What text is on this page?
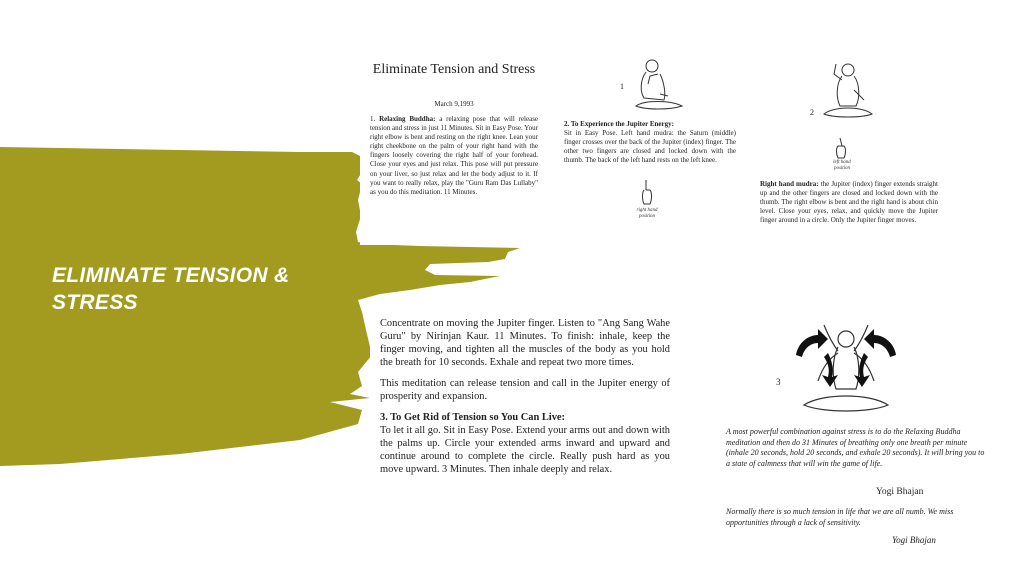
ELIMINATE TENSION & STRESS
Eliminate Tension and Stress
March 9,1993
1. Relaxing Buddha: a relaxing pose that will release tension and stress in just 11 Minutes. Sit in Easy Pose. Your right elbow is bent and resting on the right knee. Lean your right cheekbone on the palm of your right hand with the fingers loosely covering the right half of your forehead. Close your eyes and just relax. This pose will put pressure on your liver, so just relax and let the body adjust to it. If you want to really relax, play the "Guru Ram Das Lullaby" as you do this meditation. 11 Minutes.
1
2. To Experience the Jupiter Energy:
Sit in Easy Pose. Left hand mudra: the Saturn (middle) finger crosses over the back of the Jupiter (index) finger. The other two fingers are closed and locked down with the thumb. The back of the left hand rests on the left knee.
right hand position
2
left hand position
Right hand mudra: the Jupiter (index) finger extends straight up and the other fingers are closed and locked down with the thumb. The right elbow is bent and the right hand is about chin level. Close your eyes, relax, and quickly move the Jupiter finger around in a circle. Only the Jupiter finger moves.

Concentrate on moving the Jupiter finger. Listen to "Ang Sang Wahe Guru" by Nirinjan Kaur. 11 Minutes. To finish: inhale, keep the finger moving, and tighten all the muscles of the body as you hold the breath for 10 seconds. Exhale and repeat two more times.

This meditation can release tension and call in the Jupiter energy of prosperity and expansion.

3. To Get Rid of Tension so You Can Live:

To let it all go. Sit in Easy Pose. Extend your arms out and down with the palms up. Circle your extended arms inward and upward and continue around to complete the circle. Really push hard as you move upward. 3 Minutes. Then inhale deeply and relax.

3
A most powerful combination against stress is to do the Relaxing Buddha meditation and then do 31 Minutes of breathing only one breath per minute (inhale 20 seconds, hold 20 seconds, and exhale 20 seconds). It will bring you to a state of calmness that will win the game of life.
Yogi Bhajan
Normally there is so much tension in life that we are all numb. We miss opportunities through a lack of sensitivity.
Yogi Bhajan
